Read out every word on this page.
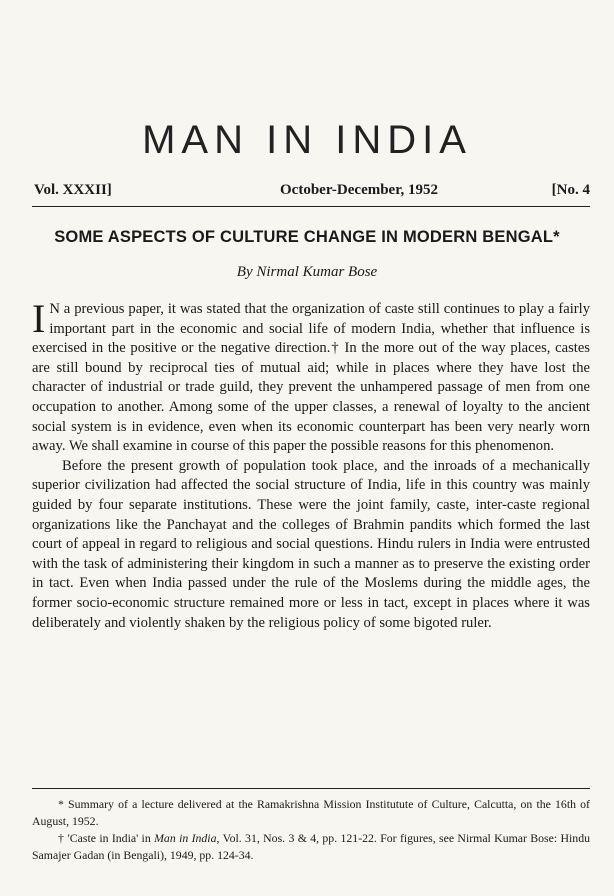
MAN IN INDIA
Vol. XXXII]	October-December, 1952	[No. 4
SOME ASPECTS OF CULTURE CHANGE IN MODERN BENGAL*
By Nirmal Kumar Bose

I N a previous paper, it was stated that the organization of caste still continues to play a fairly important part in the economic and social life of modern India, whether that influence is exercised in the positive or the negative direction.† In the more out of the way places, castes are still bound by reciprocal ties of mutual aid; while in places where they have lost the character of industrial or trade guild, they prevent the unhampered passage of men from one occupation to another. Among some of the upper classes, a renewal of loyalty to the ancient social system is in evidence, even when its economic counterpart has been very nearly worn away. We shall examine in course of this paper the possible reasons for this phenomenon.

Before the present growth of population took place, and the inroads of a mechanically superior civilization had affected the social structure of India, life in this country was mainly guided by four separate institutions. These were the joint family, caste, inter-caste regional organizations like the Panchayat and the colleges of Brahmin pandits which formed the last court of appeal in regard to religious and social questions. Hindu rulers in India were entrusted with the task of administering their kingdom in such a manner as to preserve the existing order in tact. Even when India passed under the rule of the Moslems during the middle ages, the former socio-economic structure remained more or less in tact, except in places where it was deliberately and violently shaken by the religious policy of some bigoted ruler.

* Summary of a lecture delivered at the Ramakrishna Mission Institutute of Culture, Calcutta, on the 16th of August, 1952.

† 'Caste in India' in Man in India, Vol. 31, Nos. 3 & 4, pp. 121-22. For figures, see Nirmal Kumar Bose: Hindu Samajer Gadan (in Bengali), 1949, pp. 124-34.
